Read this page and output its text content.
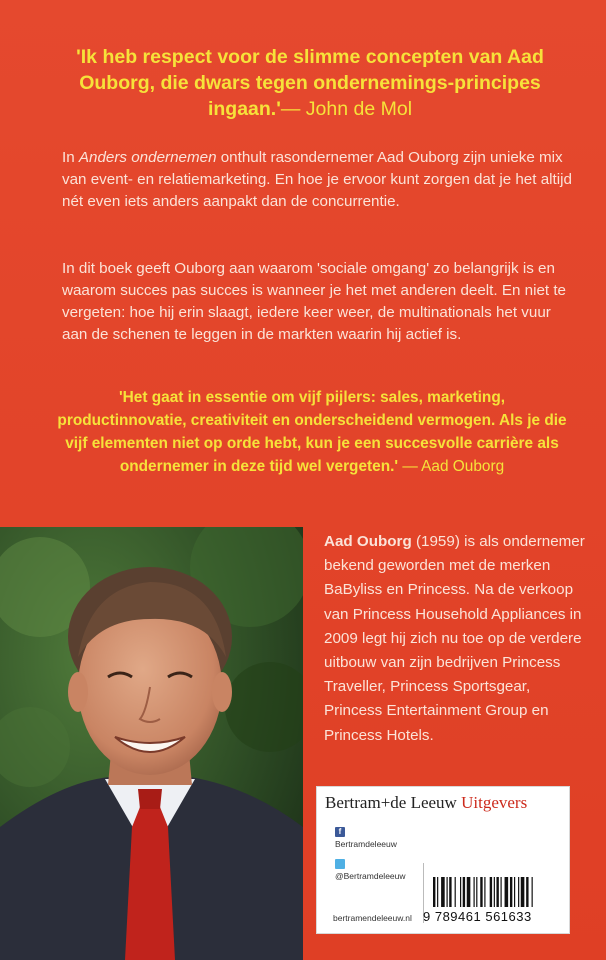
'Ik heb respect voor de slimme concepten van Aad Ouborg, die dwars tegen ondernemings-principes ingaan.'— John de Mol
In Anders ondernemen onthult rasondernemer Aad Ouborg zijn unieke mix van event- en relatiemarketing. En hoe je ervoor kunt zorgen dat je het altijd nét even iets anders aanpakt dan de concurrentie.
In dit boek geeft Ouborg aan waarom 'sociale omgang' zo belangrijk is en waarom succes pas succes is wanneer je het met anderen deelt. En niet te vergeten: hoe hij erin slaagt, iedere keer weer, de multinationals het vuur aan de schenen te leggen in de markten waarin hij actief is.
'Het gaat in essentie om vijf pijlers: sales, marketing, productinnovatie, creativiteit en onderscheidend vermogen. Als je die vijf elementen niet op orde hebt, kun je een succesvolle carrière als ondernemer in deze tijd wel vergeten.' — Aad Ouborg
Aad Ouborg (1959) is als ondernemer bekend geworden met de merken BaByliss en Princess. Na de verkoop van Princess Household Appliances in 2009 legt hij zich nu toe op de verdere uitbouw van zijn bedrijven Princess Traveller, Princess Sportsgear, Princess Entertainment Group en Princess Hotels.
Bertram+de Leeuw Uitgevers
f
Bertramdeleeuw
@Bertramdeleeuw
bertramendeleeuw.nl 9 789461 561633
